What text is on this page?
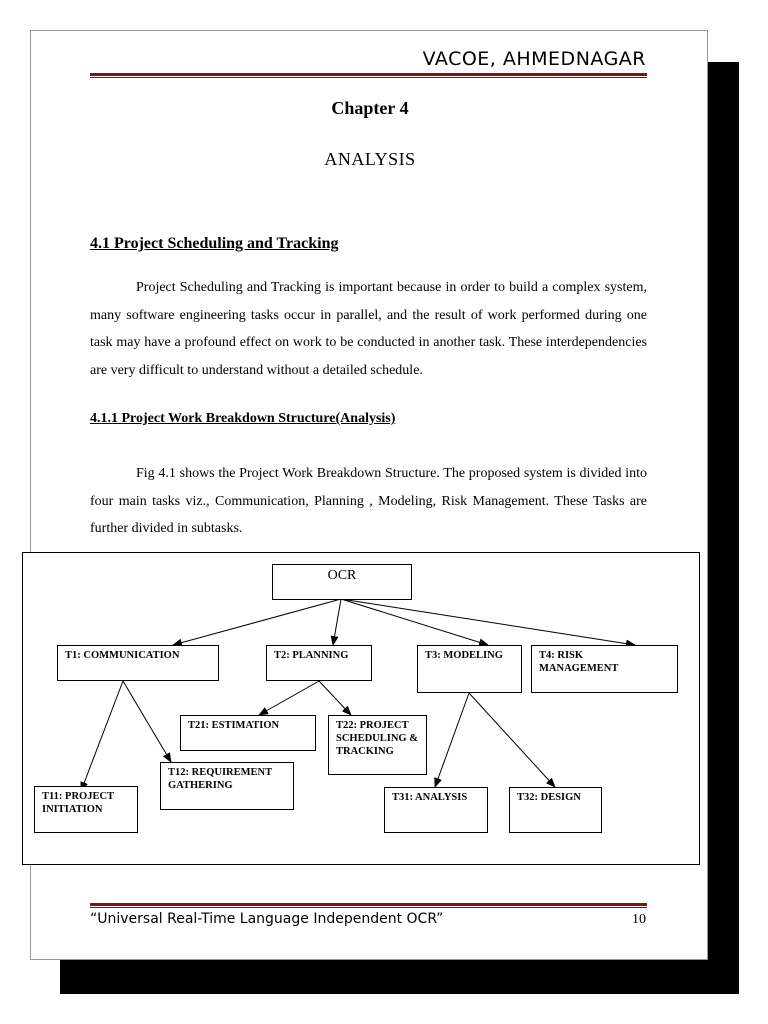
VACOE, AHMEDNAGAR
Chapter 4
ANALYSIS
4.1 Project Scheduling and Tracking
Project Scheduling and Tracking is important because in order to build a complex system, many software engineering tasks occur in parallel, and the result of work performed during one task may have a profound effect on work to be conducted in another task. These interdependencies are very difficult to understand without a detailed schedule.
4.1.1 Project Work Breakdown Structure(Analysis)
Fig 4.1 shows the Project Work Breakdown Structure. The proposed system is divided into four main tasks viz., Communication, Planning , Modeling, Risk Management. These Tasks are further divided in subtasks.
“Universal Real-Time Language Independent OCR”	10
OCR
T1: COMMUNICATION	T2: PLANNING	T3: MODELING	T4: RISK MANAGEMENT
T21: ESTIMATION	T22: PROJECT SCHEDULING & TRACKING
T12: REQUIREMENT GATHERING
T11: PROJECT INITIATION
T31: ANALYSIS	T32: DESIGN
